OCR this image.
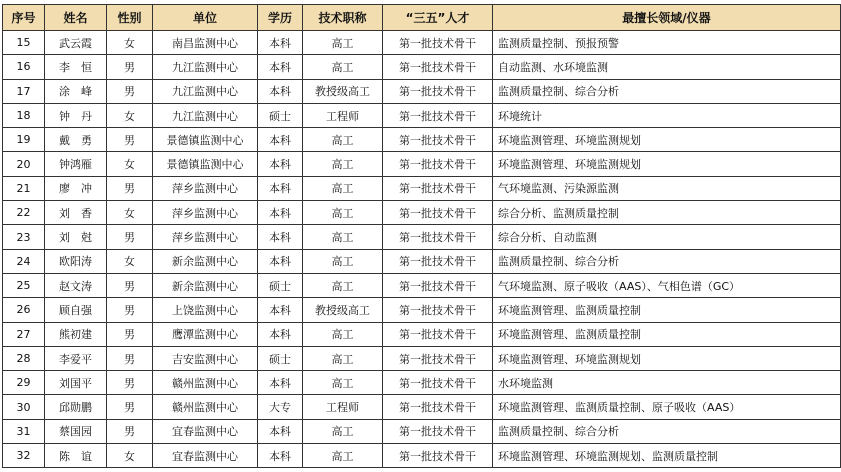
序号	姓名	性别	单位	学历	技术职称	“三五”人才	最擅长领域/仪器
15	武云霞	女	南昌监测中心	本科	高工	第一批技术骨干	监测质量控制、预报预警
16	李　恒	男	九江监测中心	本科	高工	第一批技术骨干	自动监测、水环境监测
17	涂　峰	男	九江监测中心	本科	教授级高工	第一批技术骨干	监测质量控制、综合分析
18	钟　丹	女	九江监测中心	硕士	工程师	第一批技术骨干	环境统计
19	戴　勇	男	景德镇监测中心	本科	高工	第一批技术骨干	环境监测管理、环境监测规划
20	钟鸿雁	女	景德镇监测中心	本科	高工	第一批技术骨干	环境监测管理、环境监测规划
21	廖　冲	男	萍乡监测中心	本科	高工	第一批技术骨干	气环境监测、污染源监测
22	刘　香	女	萍乡监测中心	本科	高工	第一批技术骨干	综合分析、监测质量控制
23	刘　尅	男	萍乡监测中心	本科	高工	第一批技术骨干	综合分析、自动监测
24	欧阳涛	女	新余监测中心	本科	高工	第一批技术骨干	监测质量控制、综合分析
25	赵文涛	男	新余监测中心	硕士	高工	第一批技术骨干	气环境监测、原子吸收（AAS）、气相色谱（GC）
26	顾自强	男	上饶监测中心	本科	教授级高工	第一批技术骨干	环境监测管理、监测质量控制
27	熊初建	男	鹰潭监测中心	本科	高工	第一批技术骨干	环境监测管理、监测质量控制
28	李爱平	男	吉安监测中心	硕士	高工	第一批技术骨干	环境监测管理、环境监测规划
29	刘国平	男	赣州监测中心	本科	高工	第一批技术骨干	水环境监测
30	邱勋鹏	男	赣州监测中心	大专	工程师	第一批技术骨干	环境监测管理、监测质量控制、原子吸收（AAS）
31	蔡国园	男	宜春监测中心	本科	高工	第一批技术骨干	监测质量控制、综合分析
32	陈　谊	女	宜春监测中心	本科	高工	第一批技术骨干	环境监测管理、环境监测规划、监测质量控制
